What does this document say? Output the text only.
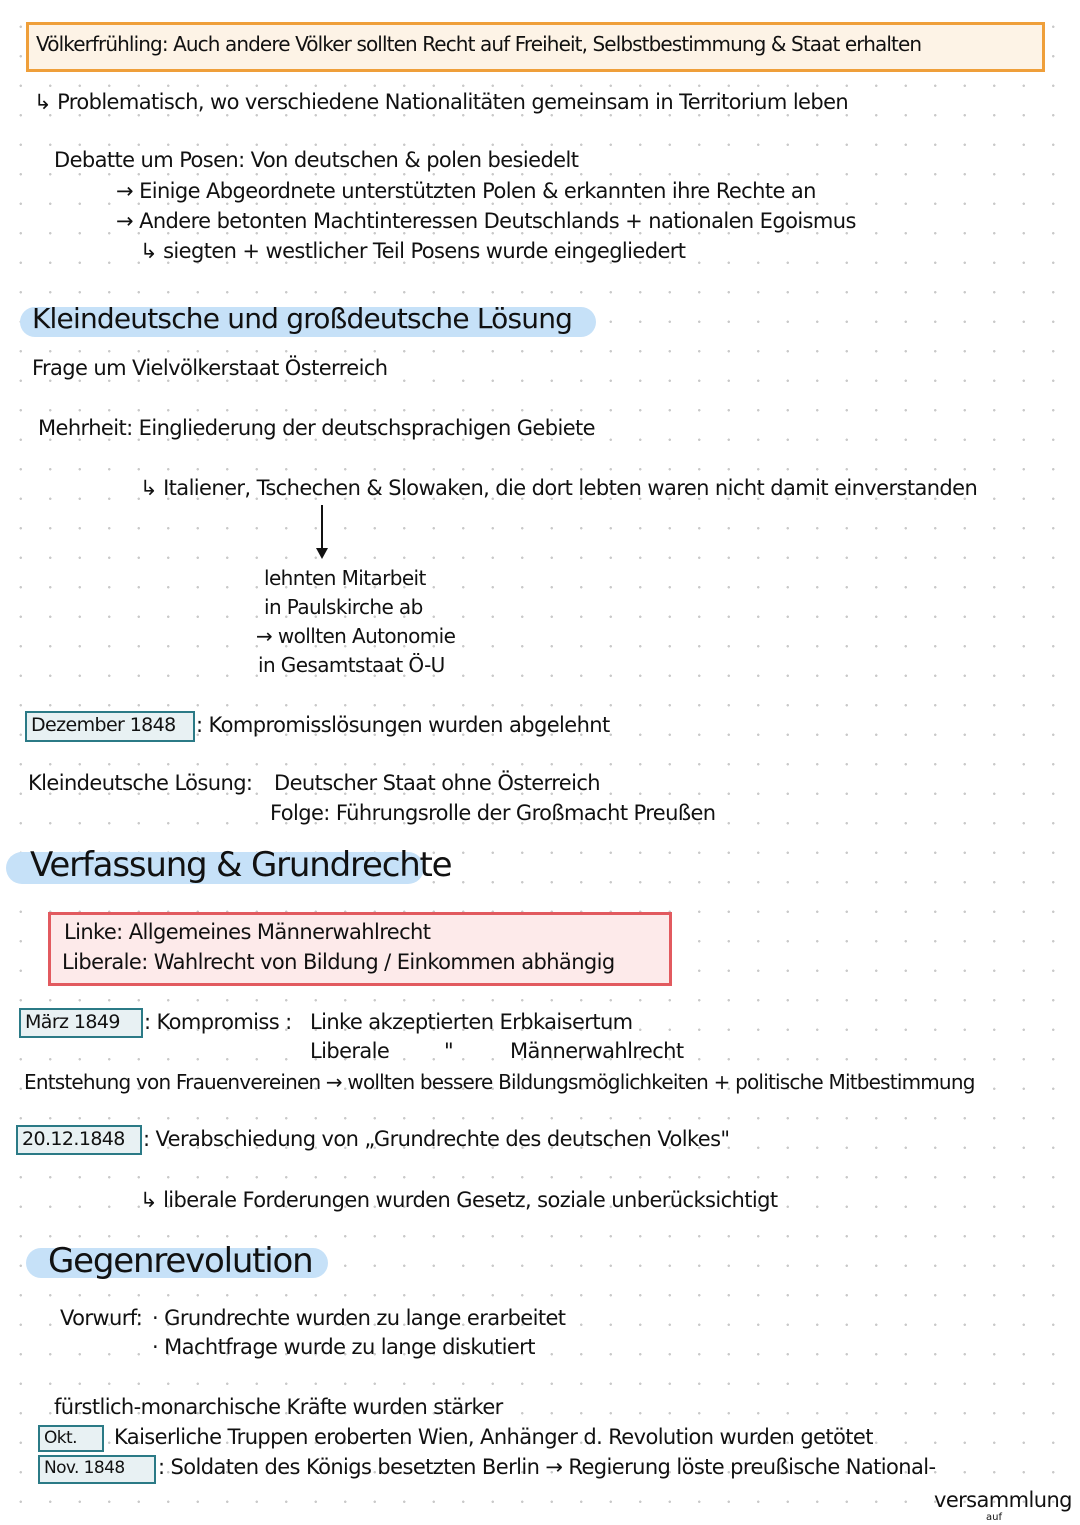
Völkerfrühling: Auch andere Völker sollten Recht auf Freiheit, Selbstbestimmung & Staat erhalten
↳ Problematisch, wo verschiedene Nationalitäten gemeinsam in Territorium leben
Debatte um Posen: Von deutschen & polen besiedelt
→ Einige Abgeordnete unterstützten Polen & erkannten ihre Rechte an
→ Andere betonten Machtinteressen Deutschlands + nationalen Egoismus
↳ siegten + westlicher Teil Posens wurde eingegliedert
Kleindeutsche und großdeutsche Lösung
Frage um Vielvölkerstaat Österreich
Mehrheit: Eingliederung der deutschsprachigen Gebiete
↳ Italiener, Tschechen & Slowaken, die dort lebten waren nicht damit einverstanden
lehnten Mitarbeit
in Paulskirche ab
→ wollten Autonomie
in Gesamtstaat Ö-U
Dezember 1848 : Kompromisslösungen wurden abgelehnt
Kleindeutsche Lösung: Deutscher Staat ohne Österreich
Folge: Führungsrolle der Großmacht Preußen
Verfassung & Grundrechte
Linke: Allgemeines Männerwahlrecht
Liberale: Wahlrecht von Bildung / Einkommen abhängig
März 1849	: Kompromiss : Linke akzeptierten Erbkaisertum
Liberale	"	Männerwahlrecht
Entstehung von Frauenvereinen → wollten bessere Bildungsmöglichkeiten + politische Mitbestimmung
20.12.1848 : Verabschiedung von „Grundrechte des deutschen Volkes"
↳ liberale Forderungen wurden Gesetz, soziale unberücksichtigt
Gegenrevolution
Vorwurf: · Grundrechte wurden zu lange erarbeitet
· Machtfrage wurde zu lange diskutiert
fürstlich-monarchische Kräfte wurden stärker
Okt.	Kaiserliche Truppen eroberten Wien, Anhänger d. Revolution wurden getötet
Nov. 1848	: Soldaten des Königs besetzten Berlin → Regierung löste preußische National-
versammlung
auf
